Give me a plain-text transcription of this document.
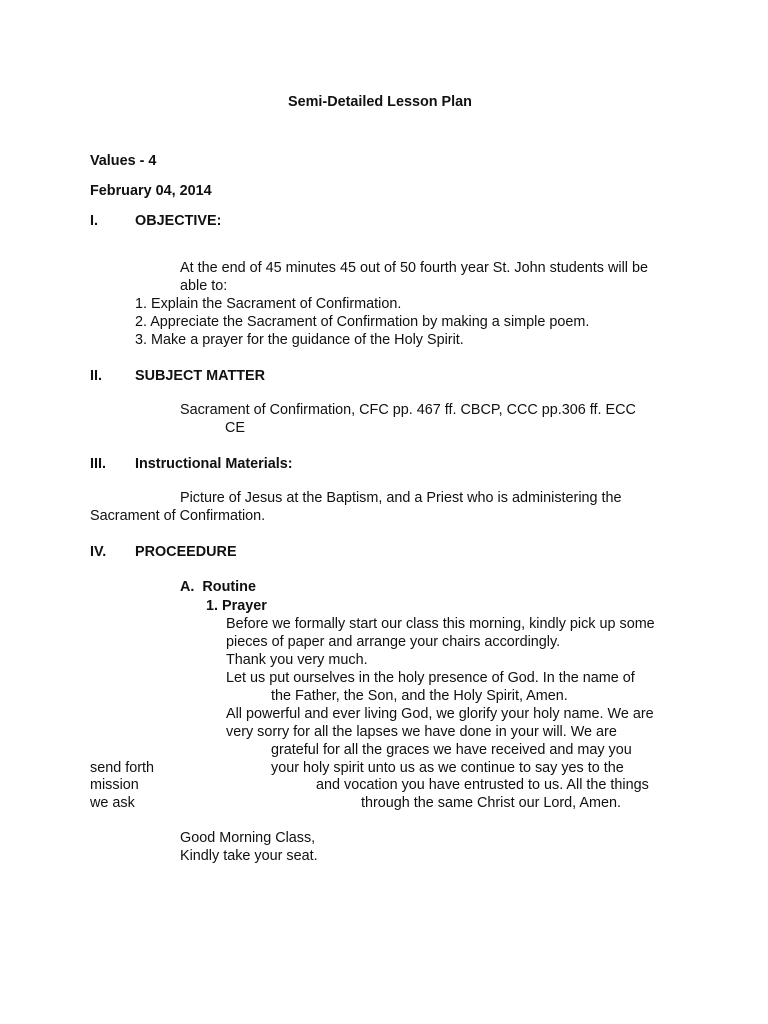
Semi-Detailed Lesson Plan
Values - 4
February 04, 2014
I.	OBJECTIVE:
At the end of 45 minutes 45 out of 50 fourth year St. John students will be
able to:
1. Explain the Sacrament of Confirmation.
2. Appreciate the Sacrament of Confirmation by making a simple poem.
3. Make a prayer for the guidance of the Holy Spirit.
II. SUBJECT MATTER
Sacrament of Confirmation, CFC pp. 467 ff. CBCP, CCC pp.306 ff. ECC
CE
III. Instructional Materials:
Picture of Jesus at the Baptism, and a Priest who is administering the
Sacrament of Confirmation.
IV. PROCEEDURE
A.  Routine
1. Prayer
Before we formally start our class this morning, kindly pick up some
pieces of paper and arrange your chairs accordingly.
Thank you very much.
Let us put ourselves in the holy presence of God. In the name of
the Father, the Son, and the Holy Spirit, Amen.
All powerful and ever living God, we glorify your holy name. We are
very sorry for all the lapses we have done in your will. We are
grateful for all the graces we have received and may you
send forth	your holy spirit unto us as we continue to say yes to the
mission	and vocation you have entrusted to us. All the things
we ask	through the same Christ our Lord, Amen.
Good Morning Class,
Kindly take your seat.
